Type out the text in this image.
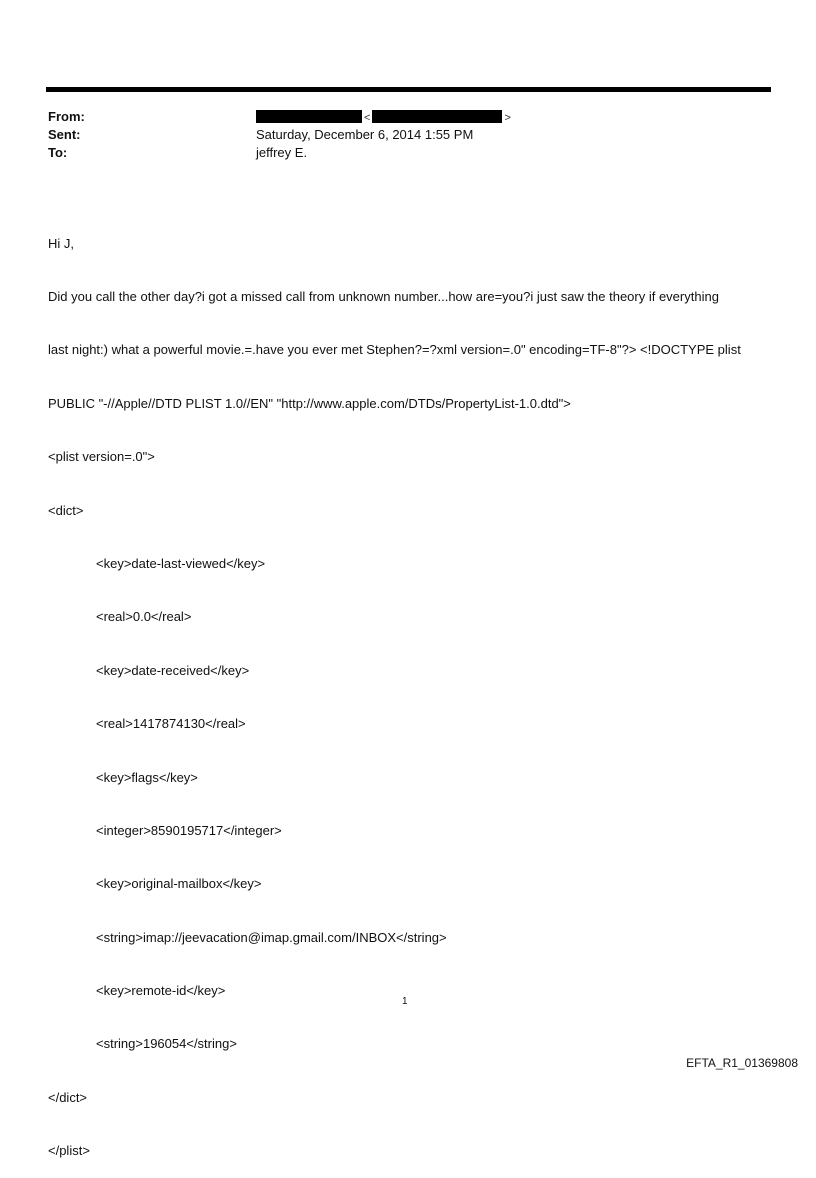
From:	<	>
Sent:	Saturday, December 6, 2014 1:55 PM
To:	jeffrey E.

Hi J,

Did you call the other day?i got a missed call from unknown number...how are=you?i just saw the theory if everything

last night:) what a powerful movie.=.have you ever met Stephen?=?xml version=.0" encoding=TF-8"?> <!DOCTYPE plist

PUBLIC "-//Apple//DTD PLIST 1.0//EN" "http://www.apple.com/DTDs/PropertyList-1.0.dtd">

<plist version=.0">

<dict>

<key>date-last-viewed</key>

<real>0.0</real>

<key>date-received</key>

<real>1417874130</real>

<key>flags</key>

<integer>8590195717</integer>

<key>original-mailbox</key>

<string>imap://jeevacation@imap.gmail.com/INBOX</string>

<key>remote-id</key>

<string>196054</string>

</dict>

</plist>

1
EFTA_R1_01369808
